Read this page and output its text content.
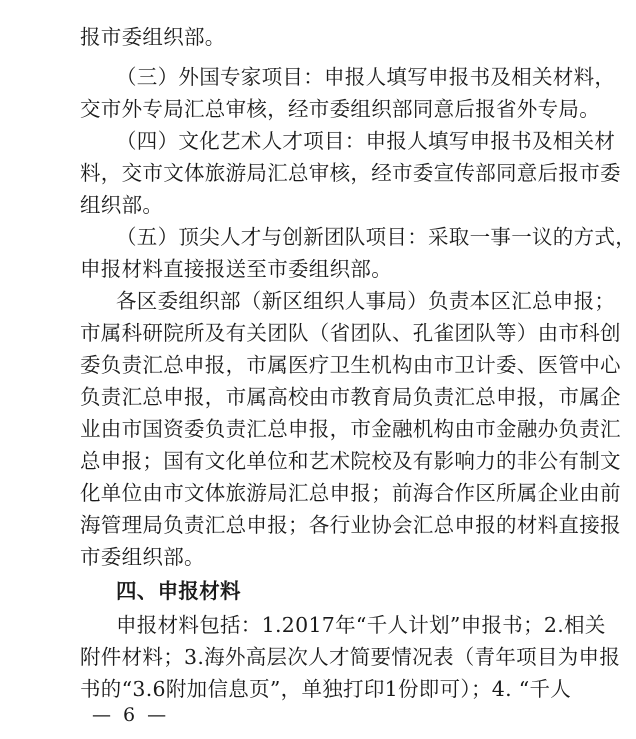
报市委组织部。
（三）外国专家项目：申报人填写申报书及相关材料，
交市外专局汇总审核，经市委组织部同意后报省外专局。
（四）文化艺术人才项目：申报人填写申报书及相关材
料，交市文体旅游局汇总审核，经市委宣传部同意后报市委
组织部。
（五）顶尖人才与创新团队项目：采取一事一议的方式，
申报材料直接报送至市委组织部。
各区委组织部（新区组织人事局）负责本区汇总申报；
市属科研院所及有关团队（省团队、孔雀团队等）由市科创
委负责汇总申报，市属医疗卫生机构由市卫计委、医管中心
负责汇总申报，市属高校由市教育局负责汇总申报，市属企
业由市国资委负责汇总申报，市金融机构由市金融办负责汇
总申报；国有文化单位和艺术院校及有影响力的非公有制文
化单位由市文体旅游局汇总申报；前海合作区所属企业由前
海管理局负责汇总申报；各行业协会汇总申报的材料直接报
市委组织部。
四、申报材料
申报材料包括：1.2017年“千人计划”申报书；2.相关
附件材料；3.海外高层次人才简要情况表（青年项目为申报
书的“3.6附加信息页”，单独打印1份即可）；4. “千人
— 6 —
